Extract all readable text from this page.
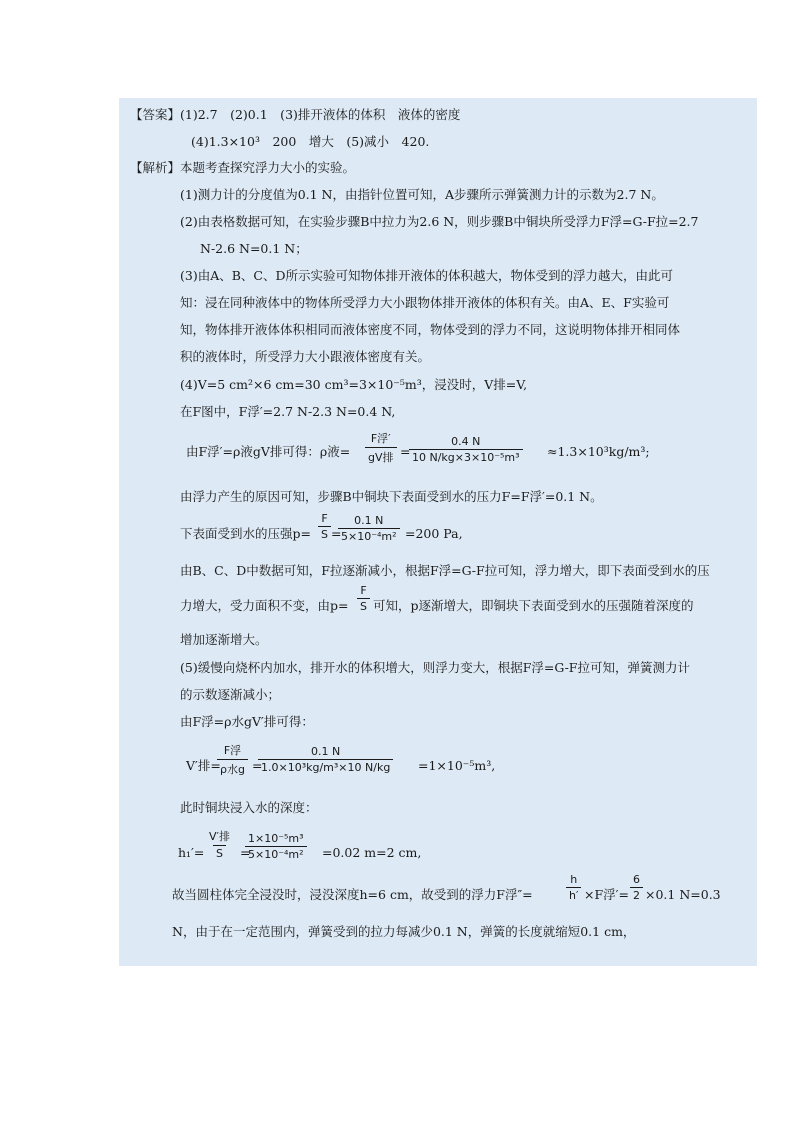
【答案】(1)2.7　(2)0.1　(3)排开液体的体积　液体的密度
(4)1.3×10³　200　增大　(5)减小　420.
【解析】本题考查探究浮力大小的实验。
(1)测力计的分度值为0.1 N，由指针位置可知，A步骤所示弹簧测力计的示数为2.7 N。
(2)由表格数据可知，在实验步骤B中拉力为2.6 N，则步骤B中铜块所受浮力F浮=G-F拉=2.7
N-2.6 N=0.1 N；
(3)由A、B、C、D所示实验可知物体排开液体的体积越大，物体受到的浮力越大，由此可
知：浸在同种液体中的物体所受浮力大小跟物体排开液体的体积有关。由A、E、F实验可
知，物体排开液体体积相同而液体密度不同，物体受到的浮力不同，这说明物体排开相同体
积的液体时，所受浮力大小跟液体密度有关。
(4)V=5 cm²×6 cm=30 cm³=3×10⁻⁵m³，浸没时，V排=V,
在F图中，F浮′=2.7 N-2.3 N=0.4 N,
由F浮′=ρ液gV排可得：ρ液=
F浮′
gV排 =
$\frac{0.4 N}{\text{10 N/kg×3×10⁻⁵m³}} \approx 1.3\times 10^3kg/m^3$;
由浮力产生的原因可知，步骤B中铜块下表面受到水的压力F=F浮′=0.1 N。
下表面受到水的压强$p= \frac{F}{S}$ =
$\frac{0.1 N}{\text{5×10⁻⁴m²}} =200$ Pa,
由B、C、D中数据可知，F拉逐渐减小，根据F浮=G-F拉可知，浮力增大，即下表面受到水的压
力增大，受力面积不变，由$p= \frac{F}{S}$ 可知，p逐渐增大，即铜块下表面受到水的压强随着深度的
增加逐渐增大。
(5)缓慢向烧杯内加水，排开水的体积增大，则浮力变大，根据F浮=G-F拉可知，弹簧测力计
的示数逐渐减小；
由F浮=ρ水gV′排可得：
V′排=
F浮
ρ水g =
$\frac{0.1 N}{\text{1.0×10³kg/m³×10 N/kg}} =1\times 10^{-5}m^3$,
此时铜块浸入水的深度：
h₁′=
V′排
S =
$\frac{\text{1×10⁻⁵m³}}{\text{5×10⁻⁴m²}} =0.02$ m=2 cm,
故当圆柱体完全浸没时，浸没深度h=6 cm，故受到的浮力F浮″=	$\frac{h}{h'} \times F$浮′= $\frac{6}{2} \times 0.1$ N=0.3
N，由于在一定范围内，弹簧受到的拉力每减少0.1 N，弹簧的长度就缩短0.1 cm，
